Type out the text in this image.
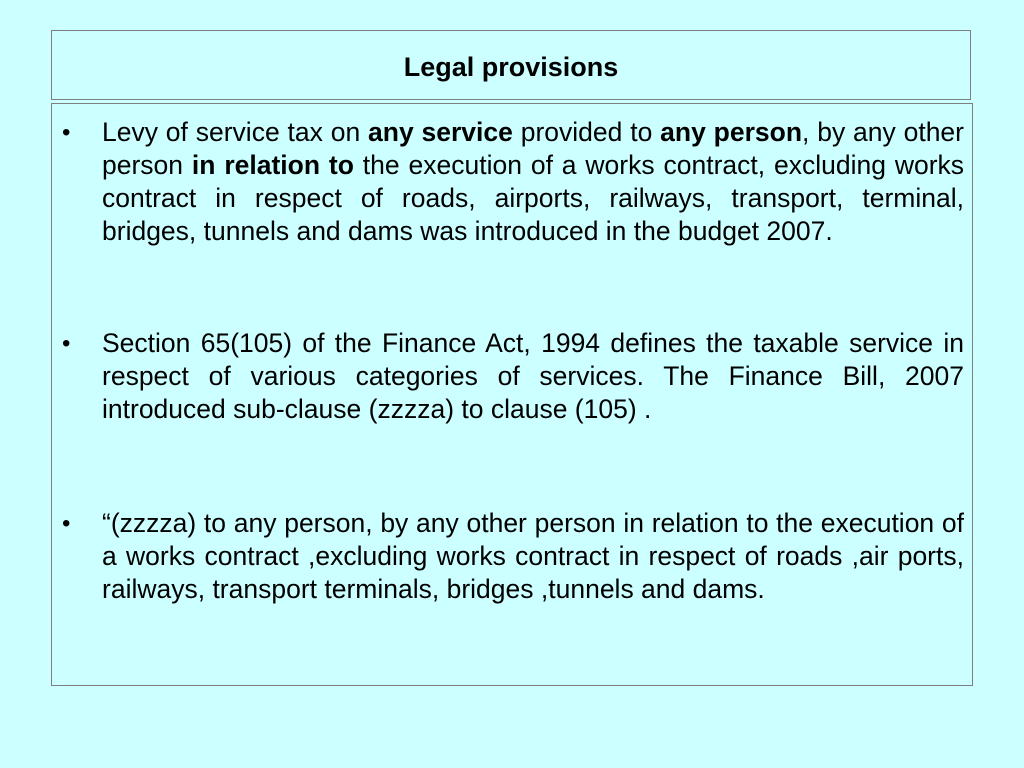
Legal provisions
• Levy of service tax on any service provided to any person, by any other person in relation to the execution of a works contract, excluding works contract in respect of roads, airports, railways, transport, terminal, bridges, tunnels and dams was introduced in the budget 2007.
• Section 65(105) of the Finance Act, 1994 defines the taxable service in respect of various categories of services. The Finance Bill, 2007 introduced sub-clause (zzzza) to clause (105) .
• “(zzzza) to any person, by any other person in relation to the execution of a works contract ,excluding works contract in respect of roads ,air ports, railways, transport terminals, bridges ,tunnels and dams.
